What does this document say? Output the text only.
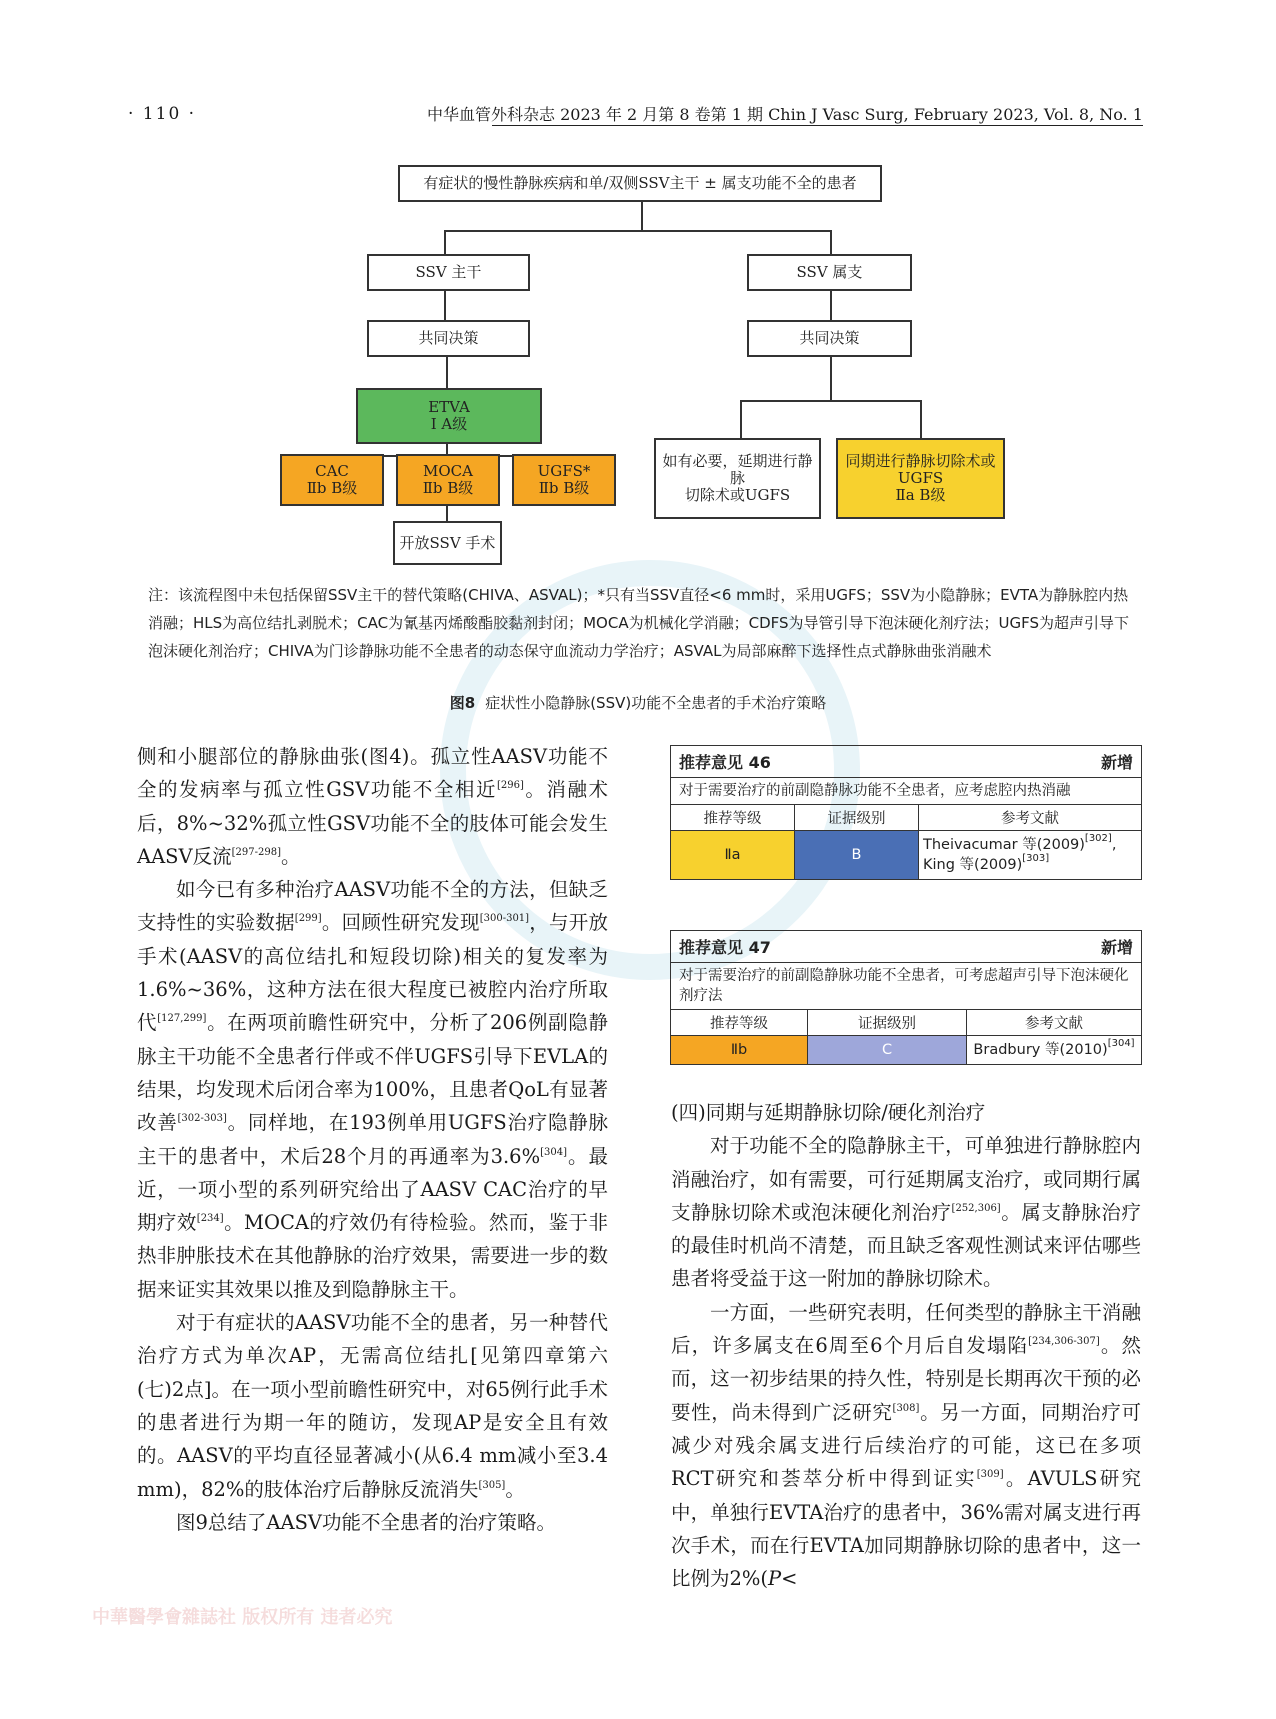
中華醫學會雜誌社 版权所有 违者必究
· 110 ·	中华血管外科杂志 2023 年 2 月第 8 卷第 1 期 Chin J Vasc Surg, February 2023, Vol. 8, No. 1
有症状的慢性静脉疾病和单/双侧SSV主干 ± 属支功能不全的患者
SSV 主干	SSV 属支
共同决策	共同决策
ETVA
Ⅰ A级
CAC
Ⅱb B级
MOCA
Ⅱb B级
UGFS*
Ⅱb B级
开放SSV 手术
如有必要，延期进行静脉
切除术或UGFS
同期进行静脉切除术或
UGFS
Ⅱa B级
注：该流程图中未包括保留SSV主干的替代策略(CHIVA、ASVAL)；*只有当SSV直径<6 mm时，采用UGFS；SSV为小隐静脉；EVTA为静脉腔内热消融；HLS为高位结扎剥脱术；CAC为氰基丙烯酸酯胶黏剂封闭；MOCA为机械化学消融；CDFS为导管引导下泡沫硬化剂疗法；UGFS为超声引导下泡沫硬化剂治疗；CHIVA为门诊静脉功能不全患者的动态保守血流动力学治疗；ASVAL为局部麻醉下选择性点式静脉曲张消融术
图8 症状性小隐静脉(SSV)功能不全患者的手术治疗策略

侧和小腿部位的静脉曲张(图4)。孤立性AASV功能不全的发病率与孤立性GSV功能不全相近[296]。消融术后，8%~32%孤立性GSV功能不全的肢体可能会发生AASV反流[297-298]。

如今已有多种治疗AASV功能不全的方法，但缺乏支持性的实验数据[299]。回顾性研究发现[300-301]，与开放手术(AASV的高位结扎和短段切除)相关的复发率为1.6%~36%，这种方法在很大程度已被腔内治疗所取代[127,299]。在两项前瞻性研究中，分析了206例副隐静脉主干功能不全患者行伴或不伴UGFS引导下EVLA的结果，均发现术后闭合率为100%，且患者QoL有显著改善[302-303]。同样地，在193例单用UGFS治疗隐静脉主干的患者中，术后28个月的再通率为3.6%[304]。最近，一项小型的系列研究给出了AASV CAC治疗的早期疗效[234]。MOCA的疗效仍有待检验。然而，鉴于非热非肿胀技术在其他静脉的治疗效果，需要进一步的数据来证实其效果以推及到隐静脉主干。

对于有症状的AASV功能不全的患者，另一种替代治疗方式为单次AP，无需高位结扎[见第四章第六(七)2点]。在一项小型前瞻性研究中，对65例行此手术的患者进行为期一年的随访，发现AP是安全且有效的。AASV的平均直径显著减小(从6.4 mm减小至3.4 mm)，82%的肢体治疗后静脉反流消失[305]。

图9总结了AASV功能不全患者的治疗策略。

推荐意见 46	新增
对于需要治疗的前副隐静脉功能不全患者，应考虑腔内热消融
推荐等级	证据级别	参考文献
Ⅱa	B	Theivacumar 等(2009)[302],
King 等(2009)[303]
推荐意见 47	新增
对于需要治疗的前副隐静脉功能不全患者，可考虑超声引导下泡沫硬化剂疗法
推荐等级	证据级别	参考文献
Ⅱb	C	Bradbury 等(2010)[304]
(四)同期与延期静脉切除/硬化剂治疗

对于功能不全的隐静脉主干，可单独进行静脉腔内消融治疗，如有需要，可行延期属支治疗，或同期行属支静脉切除术或泡沫硬化剂治疗[252,306]。属支静脉治疗的最佳时机尚不清楚，而且缺乏客观性测试来评估哪些患者将受益于这一附加的静脉切除术。

一方面，一些研究表明，任何类型的静脉主干消融后，许多属支在6周至6个月后自发塌陷[234,306-307]。然而，这一初步结果的持久性，特别是长期再次干预的必要性，尚未得到广泛研究[308]。另一方面，同期治疗可减少对残余属支进行后续治疗的可能，这已在多项RCT研究和荟萃分析中得到证实[309]。AVULS研究中，单独行EVTA治疗的患者中，36%需对属支进行再次手术，而在行EVTA加同期静脉切除的患者中，这一比例为2%(P<
